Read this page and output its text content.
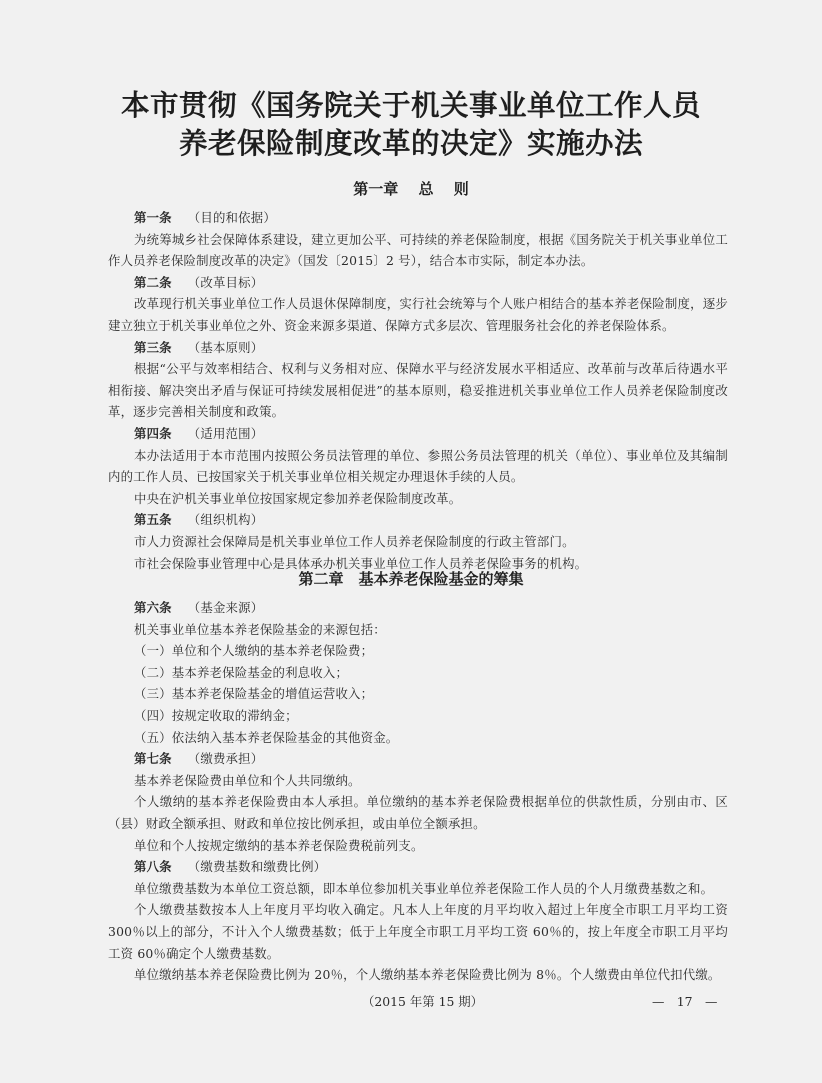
本市贯彻《国务院关于机关事业单位工作人员
养老保险制度改革的决定》实施办法
第一章　 总　 则

第一条 （目的和依据）

为统筹城乡社会保障体系建设，建立更加公平、可持续的养老保险制度，根据《国务院关于机关事业单位工作人员养老保险制度改革的决定》（国发〔2015〕2 号），结合本市实际，制定本办法。

第二条 （改革目标）

改革现行机关事业单位工作人员退休保障制度，实行社会统筹与个人账户相结合的基本养老保险制度，逐步建立独立于机关事业单位之外、资金来源多渠道、保障方式多层次、管理服务社会化的养老保险体系。

第三条 （基本原则）

根据“公平与效率相结合、权利与义务相对应、保障水平与经济发展水平相适应、改革前与改革后待遇水平相衔接、解决突出矛盾与保证可持续发展相促进”的基本原则，稳妥推进机关事业单位工作人员养老保险制度改革，逐步完善相关制度和政策。

第四条 （适用范围）

本办法适用于本市范围内按照公务员法管理的单位、参照公务员法管理的机关（单位）、事业单位及其编制内的工作人员、已按国家关于机关事业单位相关规定办理退休手续的人员。

中央在沪机关事业单位按国家规定参加养老保险制度改革。

第五条 （组织机构）

市人力资源社会保障局是机关事业单位工作人员养老保险制度的行政主管部门。

市社会保险事业管理中心是具体承办机关事业单位工作人员养老保险事务的机构。

第二章　基本养老保险基金的筹集

第六条 （基金来源）

机关事业单位基本养老保险基金的来源包括：

（一）单位和个人缴纳的基本养老保险费；

（二）基本养老保险基金的利息收入；

（三）基本养老保险基金的增值运营收入；

（四）按规定收取的滞纳金；

（五）依法纳入基本养老保险基金的其他资金。

第七条 （缴费承担）

基本养老保险费由单位和个人共同缴纳。

个人缴纳的基本养老保险费由本人承担。单位缴纳的基本养老保险费根据单位的供款性质，分别由市、区（县）财政全额承担、财政和单位按比例承担，或由单位全额承担。

单位和个人按规定缴纳的基本养老保险费税前列支。

第八条 （缴费基数和缴费比例）

单位缴费基数为本单位工资总额，即本单位参加机关事业单位养老保险工作人员的个人月缴费基数之和。

个人缴费基数按本人上年度月平均收入确定。凡本人上年度的月平均收入超过上年度全市职工月平均工资 300％以上的部分，不计入个人缴费基数；低于上年度全市职工月平均工资 60％的，按上年度全市职工月平均工资 60％确定个人缴费基数。

单位缴纳基本养老保险费比例为 20％，个人缴纳基本养老保险费比例为 8％。个人缴费由单位代扣代缴。

（2015 年第 15 期）	—　17　—
